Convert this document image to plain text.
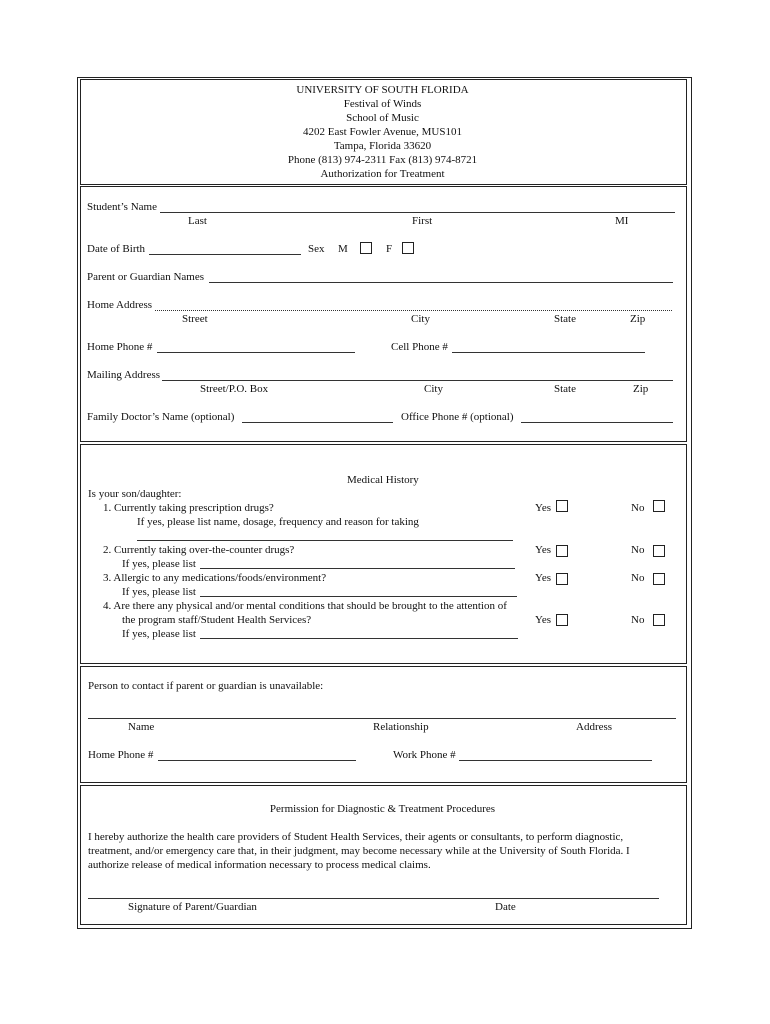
UNIVERSITY OF SOUTH FLORIDA
Festival of Winds
School of Music
4202 East Fowler Avenue, MUS101
Tampa, Florida 33620
Phone (813) 974-2311 Fax (813) 974-8721
Authorization for Treatment
Student’s Name
Last	First	MI
Date of Birth	Sex M	F
Parent or Guardian Names
Home Address
Street	City	State	Zip
Home Phone #	Cell Phone #
Mailing Address
Street/P.O. Box	City	State	Zip
Family Doctor’s Name (optional)	Office Phone # (optional)
Medical History
Is your son/daughter:
1. Currently taking prescription drugs?
If yes, please list name, dosage, frequency and reason for taking
Yes	No
2. Currently taking over-the-counter drugs?
If yes, please list
Yes	No
3. Allergic to any medications/foods/environment?
If yes, please list
Yes	No
4. Are there any physical and/or mental conditions that should be brought to the attention of
the program staff/Student Health Services?
If yes, please list
Yes	No
Person to contact if parent or guardian is unavailable:
Name	Relationship	Address
Home Phone #	Work Phone #
Permission for Diagnostic & Treatment Procedures
I hereby authorize the health care providers of Student Health Services, their agents or consultants, to perform diagnostic,
treatment, and/or emergency care that, in their judgment, may become necessary while at the University of South Florida. I
authorize release of medical information necessary to process medical claims.
Signature of Parent/Guardian	Date
